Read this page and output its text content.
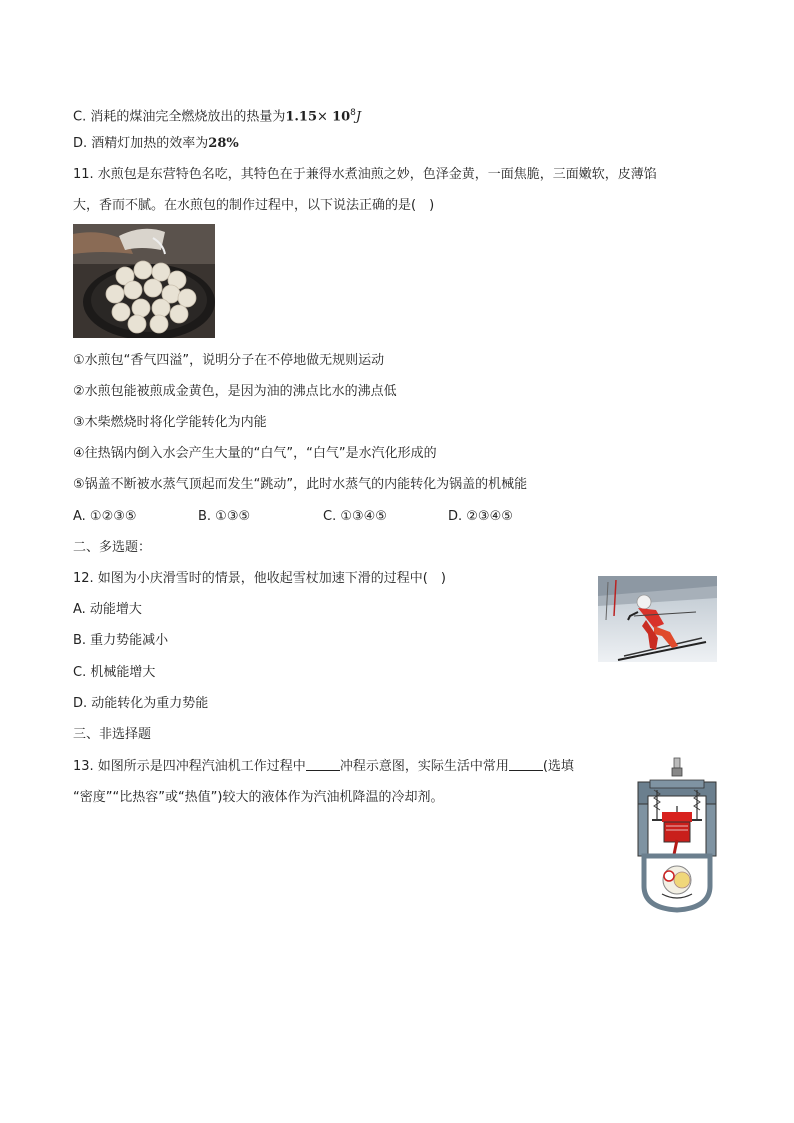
C. 消耗的煤油完全燃烧放出的热量为$1.15\times 10^8J$
D. 酒精灯加热的效率为28%
11. 水煎包是东营特色名吃，其特色在于兼得水煮油煎之妙，色泽金黄，一面焦脆，三面嫩软，皮薄馅
大，香而不腻。在水煎包的制作过程中，以下说法正确的是(　)
①水煎包“香气四溢”，说明分子在不停地做无规则运动
②水煎包能被煎成金黄色，是因为油的沸点比水的沸点低
③木柴燃烧时将化学能转化为内能
④往热锅内倒入水会产生大量的“白气”，“白气”是水汽化形成的
⑤锅盖不断被水蒸气顶起而发生“跳动”，此时水蒸气的内能转化为锅盖的机械能
A. ①②③⑤	B. ①③⑤	C. ①③④⑤	D. ②③④⑤
二、多选题：
12. 如图为小庆滑雪时的情景，他收起雪杖加速下滑的过程中(　)
A. 动能增大
B. 重力势能减小
C. 机械能增大
D. 动能转化为重力势能
三、非选择题
13. 如图所示是四冲程汽油机工作过程中	冲程示意图，实际生活中常用	(选填
“密度”“比热容”或“热值”)较大的液体作为汽油机降温的冷却剂。
